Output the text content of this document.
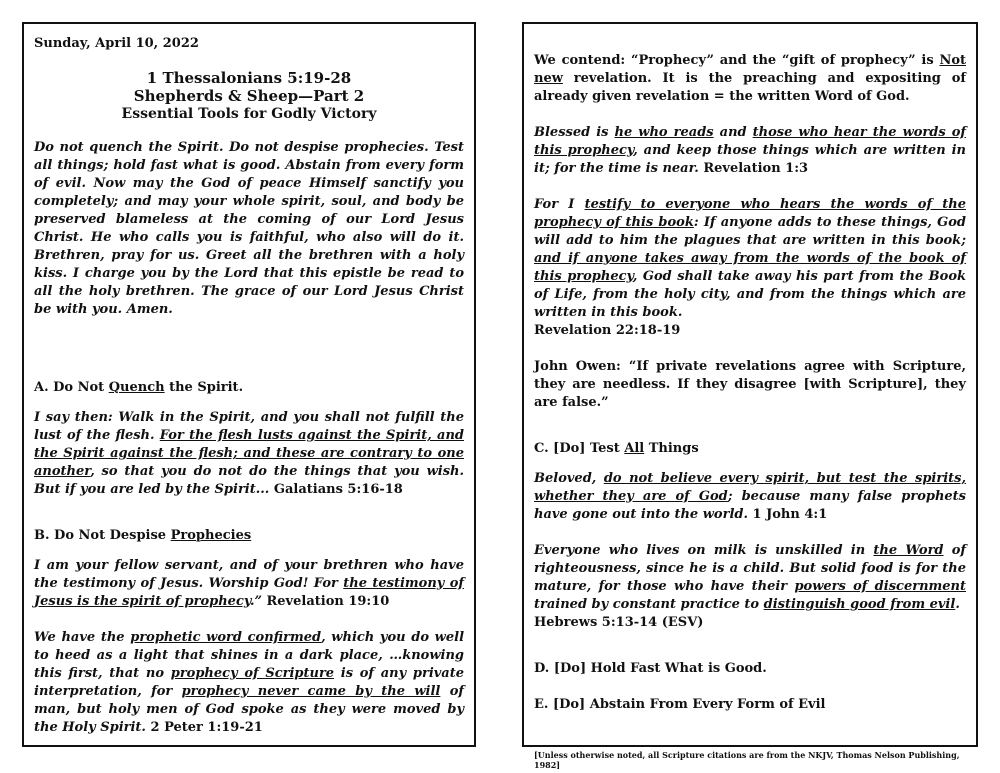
Sunday, April 10, 2022
1 Thessalonians 5:19-28
Shepherds & Sheep—Part 2
Essential Tools for Godly Victory

Do not quench the Spirit. Do not despise prophecies. Test all things; hold fast what is good. Abstain from every form of evil. Now may the God of peace Himself sanctify you completely; and may your whole spirit, soul, and body be preserved blameless at the coming of our Lord Jesus Christ. He who calls you is faithful, who also will do it. Brethren, pray for us. Greet all the brethren with a holy kiss. I charge you by the Lord that this epistle be read to all the holy brethren. The grace of our Lord Jesus Christ be with you. Amen.

A. Do Not Quench the Spirit.

I say then: Walk in the Spirit, and you shall not fulfill the lust of the flesh. For the flesh lusts against the Spirit, and the Spirit against the flesh; and these are contrary to one another, so that you do not do the things that you wish. But if you are led by the Spirit... Galatians 5:16-18

B. Do Not Despise Prophecies

I am your fellow servant, and of your brethren who have the testimony of Jesus. Worship God! For the testimony of Jesus is the spirit of prophecy.” Revelation 19:10

We have the prophetic word confirmed, which you do well to heed as a light that shines in a dark place, …knowing this first, that no prophecy of Scripture is of any private interpretation, for prophecy never came by the will of man, but holy men of God spoke as they were moved by the Holy Spirit. 2 Peter 1:19-21

We contend: “Prophecy” and the “gift of prophecy” is Not new revelation. It is the preaching and expositing of already given revelation = the written Word of God.

Blessed is he who reads and those who hear the words of this prophecy, and keep those things which are written in it; for the time is near. Revelation 1:3

For I testify to everyone who hears the words of the prophecy of this book: If anyone adds to these things, God will add to him the plagues that are written in this book; and if anyone takes away from the words of the book of this prophecy, God shall take away his part from the Book of Life, from the holy city, and from the things which are written in this book.

Revelation 22:18-19

John Owen: “If private revelations agree with Scripture, they are needless. If they disagree [with Scripture], they are false.”

C. [Do] Test All Things

Beloved, do not believe every spirit, but test the spirits, whether they are of God; because many false prophets have gone out into the world. 1 John 4:1

Everyone who lives on milk is unskilled in the Word of righteousness, since he is a child. But solid food is for the mature, for those who have their powers of discernment trained by constant practice to distinguish good from evil.

Hebrews 5:13-14 (ESV)

D. [Do] Hold Fast What is Good.

E. [Do] Abstain From Every Form of Evil

[Unless otherwise noted, all Scripture citations are from the NKJV, Thomas Nelson Publishing, 1982]
